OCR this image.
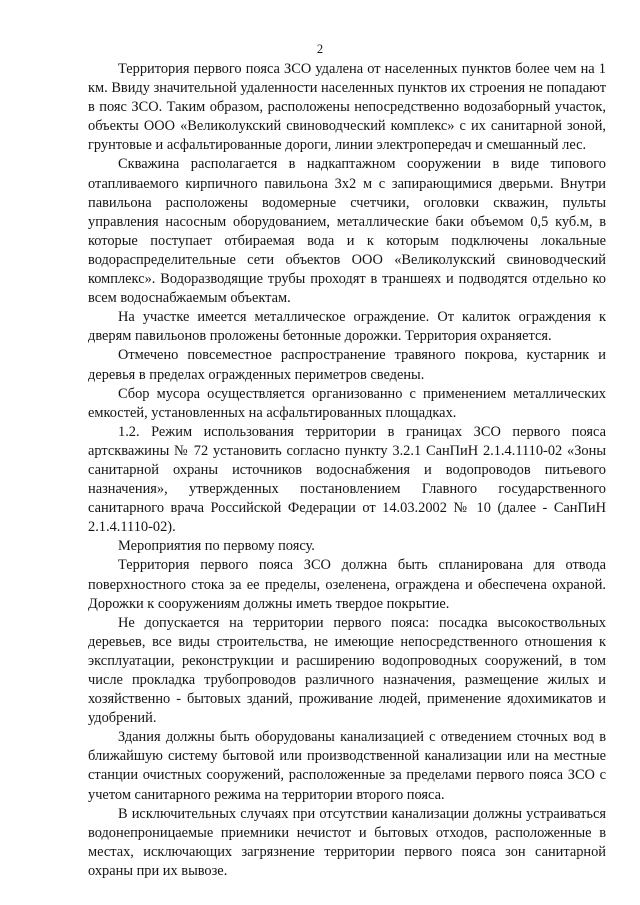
2

Территория первого пояса ЗСО удалена от населенных пунктов более чем на 1 км. Ввиду значительной удаленности населенных пунктов их строения не попадают в пояс ЗСО. Таким образом, расположены непосредственно водозаборный участок, объекты ООО «Великолукский свиноводческий комплекс» с их санитарной зоной, грунтовые и асфальтированные дороги, линии электропередач и смешанный лес.

Скважина располагается в надкаптажном сооружении в виде типового отапливаемого кирпичного павильона 3х2 м с запирающимися дверьми. Внутри павильона расположены водомерные счетчики, оголовки скважин, пульты управления насосным оборудованием, металлические баки объемом 0,5 куб.м, в которые поступает отбираемая вода и к которым подключены локальные водораспределительные сети объектов ООО «Великолукский свиноводческий комплекс». Водоразводящие трубы проходят в траншеях и подводятся отдельно ко всем водоснабжаемым объектам.

На участке имеется металлическое ограждение. От калиток ограждения к дверям павильонов проложены бетонные дорожки. Территория охраняется.

Отмечено повсеместное распространение травяного покрова, кустарник и деревья в пределах огражденных периметров сведены.

Сбор мусора осуществляется организованно с применением металлических емкостей, установленных на асфальтированных площадках.

1.2. Режим использования территории в границах ЗСО первого пояса артскважины № 72 установить согласно пункту 3.2.1 СанПиН 2.1.4.1110-02 «Зоны санитарной охраны источников водоснабжения и водопроводов питьевого назначения», утвержденных постановлением Главного государственного санитарного врача Российской Федерации от 14.03.2002 № 10 (далее - СанПиН 2.1.4.1110-02).

Мероприятия по первому поясу.

Территория первого пояса ЗСО должна быть спланирована для отвода поверхностного стока за ее пределы, озеленена, ограждена и обеспечена охраной. Дорожки к сооружениям должны иметь твердое покрытие.

Не допускается на территории первого пояса: посадка высокоствольных деревьев, все виды строительства, не имеющие непосредственного отношения к эксплуатации, реконструкции и расширению водопроводных сооружений, в том числе прокладка трубопроводов различного назначения, размещение жилых и хозяйственно - бытовых зданий, проживание людей, применение ядохимикатов и удобрений.

Здания должны быть оборудованы канализацией с отведением сточных вод в ближайшую систему бытовой или производственной канализации или на местные станции очистных сооружений, расположенные за пределами первого пояса ЗСО с учетом санитарного режима на территории второго пояса.

В исключительных случаях при отсутствии канализации должны устраиваться водонепроницаемые приемники нечистот и бытовых отходов, расположенные в местах, исключающих загрязнение территории первого пояса зон санитарной охраны при их вывозе.
